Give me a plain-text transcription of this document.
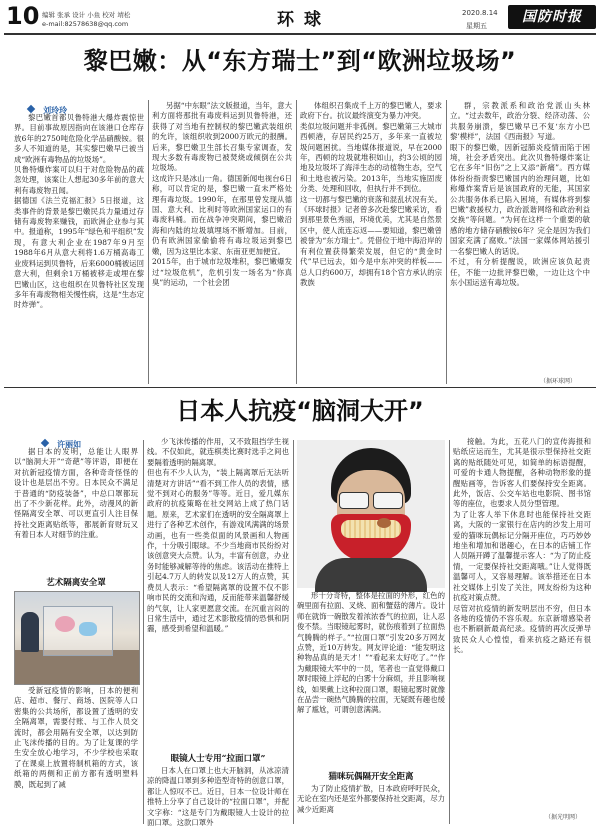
10 编辑 张承 设计 小鱼 校对 靖松
e-mail:82578638@qq.com	环 球	2020.8.14
星期五
国防时报
黎巴嫩：从“东方瑞士”到“欧洲垃圾场”
刘玲玲

黎巴嫩首都贝鲁特港大爆炸震惊世界。目前事故原因指向在该港口仓库存放6年的2750吨危险化学品硝酸铵。很多人不知道的是，其实黎巴嫩早已被当成“欧洲有毒物品的垃圾场”。
贝鲁特爆炸案可以归于对危险物品的疏忽处理，该案让人想起30多年前的意大利有毒废物丑闻。
据德国《法兰克福汇报》5日报道，这类事件的背景是黎巴嫩民兵力量通过存储有毒废物来赚钱，而欧洲企业参与其中。报道称，1995年“绿色和平组织”发现，有意大利企业在1987年9月至1988年6月从意大利将1.6万桶高毒工业废料运到贝鲁特，后来6000桶被运回意大利，但剩余1万桶被移走或埋在黎巴嫩山区，这也组织在贝鲁特社区发现多年有毒废物相关慢性病，这是“生态定时炸弹”。

另据“中东眼”法文版报道，当年，意大利方面将那批有毒废料运到贝鲁特港，还获得了对当地有控制权的黎巴嫩武装组织的允许，该组织收到2000万欧元的报酬。后来，黎巴嫩卫生部长召集专家调查，发现大多数有毒废物已被焚烧或倾倒在公共垃圾场。
这成许只是冰山一角。德国新闻电视台6日称，可以肯定的是，黎巴嫩一直未严格处理有毒垃圾。1990年，在那里曾发现从德国、意大利、比利时等欧洲国家运口的有毒废料桶。而在战争冲突期间，黎巴嫩沿海和内陆的垃圾填埋场不断增加。目前，仍有欧洲国家偷偷将有毒垃圾运到黎巴嫩，因为这里比本家、东南亚更加便宜。
2015年，由于城市垃圾堆积，黎巴嫩爆发过“垃圾危机”，危机引发一场名为“你真臭”的运动，一个社会团

体组织召集成千上万的黎巴嫩人，要求政府下台。抗议最终演变为暴力冲突。
类似垃圾问题并非孤例。黎巴嫩第三大城市西顿港，存居民约25万，多年来一直被垃圾问题困扰。当地媒体报道说，早在2000年，西顿的垃圾就堆积如山，约3公顷的园地及垃圾坏了海洋生态的动植物生态，空气和土地也被污染。2013年，当地实施固废分类、处理和回收，但执行并不到位。
这一切都与黎巴嫩的衰落和混乱状况有关。《环球时报》记者曾多次赴黎巴嫩采访，看到那里景色秀丽，环境优美，尤其是自然景区中，使人流连忘返——要知道，黎巴嫩曾被誉为“东方瑞士”。凭借位于地中海沿岸的有利位置获得繁荣发展，但它的“黄金时代”早已远去，如今是中东冲突的样板——总人口约600万，却拥有18个官方承认的宗教族

群，宗教派系和政治党派山头林立。“过去数年，政治分裂、经济动荡、公共服务崩溃，黎巴嫩早已不复‘东方小巴黎’模样”，法国《西南报》写道。
眼下的黎巴嫩，因新冠肺炎疫情而陷于困境，社会矛盾突出。此次贝鲁特爆炸案让它在多年“旧伤”之上又添“新痛”。西方媒体纷纷指责黎巴嫩国内的治理问题，比如称爆炸案背后是该国政府的无能，其国家公共服务体系已陷入困境，有媒体将到黎巴嫩”救援权力，政治派谐网络和政治利益交换“等问题。“为何在这样一个重要的敏感的地方储存硝酸铵6年？完全是因为我们国家充满了腐败。”法国一家媒体网站援引一名黎巴嫩人的话说。
不过，有分析提醒说，欧洲应该负起责任，不能一边批评黎巴嫩，一边让这个中东小国运送有毒垃圾。

（据环球网）
日本人抗疫“脑洞大开”
许丽如

据日本的发明，总能让人眼界以“脑洞大开”“奇葩”等评语，即便在对抗新冠疫情方面，各种奇奇怪怪的设计也是层出不穷。日本民众不满足于普通的“防疫装备”，中总口罩都玩出了不少新花样。此外，动漫风的新怪隔离安全罩、可以更直引人注目保持社交距离贴纸等，都展新育财玩又有着日本人对细节的注重。

艺术隔离安全罩

受新冠疫情的影响，日本的便利店、超市、餐厅、商场、医院等人口密集的公共场所，都设置了透明的安全隔离罩，需要付账、与工作人员交流时，都会用隔有安全罩，以达到防止飞沫传播的目的。为了让复课的学生安全放心地学习，不少学校也采取了在课桌上放置将制机箱的方式，该纸箱的两侧和正前方都有透明塑料膜，既起到了减

少飞沫传播的作用，又不致阻挡学生视线。不仅如此，就连棋类比赛时选手之间也要隔着透明的隔离罩。
但也有不少人认为，“装上隔离罩后无法听清楚对方讲话”“看不到工作人员的表情，感觉不到对心的服务”等等。近日，爱几媒东政府的抗疫策略在社交网站上成了热门话题。原来，艺术家们在透明的安全隔离罩上进行了各种艺术创作，有游戏风满满的场景动画，也有一些类似面的风景画和人物画作，十分吸引眼球。不少当地商市民纷纷对该创意突大点赞。认为，丰富有创意，办业务时能够减解等待的焦虑。该活动在推特上引起4.7万人的转发以及12万人的点赞，其费员人表示：“希望隔离罩的设置不仅不影响市民的交流和沟通，反而能带来温馨舒缓的气氛，让人家更愿意交流。在沉重言闷的日常生活中，通过艺术影散疫情的恐惧和阴霾，感受到希望和温暖。”

眼镜人士专用“拉面口罩”

日本人在口罩上也大开脑洞，从冰凉清凉的降温口罩到多种造型奇特的创意口罩，都让人惊叹不已。近日，日本一位设计师在推特上分享了自己设计的“拉面口罩”，并配文字称：“这是专门为戴眼镜人士设计的拉面口罩。这款口罩外

形十分奇特，整体是拉面的外形，红色的碗里面有拉面、叉烧、面和蟹菇的薄片。设计师在就饰一碗散发着浓浓香气的拉面，让人忍俊不禁。当眼镜起雾时，就伤痕着到了拉面热气腾腾的样子。”“拉面口罩”引发20多万网友点赞，近10万转发。网友评论道：“能发明这种物品真的是天才！”“看起来太好吃了。”“作为戴眼镜大军中的一员，笔者也一直觉得戴口罩时眼镜上浮起的白雾十分麻烦，并且影响视线，如果戴上这种拉面口罩，眼镜起雾时就像在品尝一碗热气腾腾的拉面，无疑既有趣也缓解了尴尬，可谓创意满满。

猫咪玩偶隔开安全距离

为了防止疫情扩散，日本政府呼吁民众，无论在室内还是室外都要保持社交距离，尽力减少近距离

接触。为此，五花八门的宣传海报和贴纸应运而生，尤其是很示型保持社交距离的贴纸随处可见，如简单的标语提醒，可爱的卡通人物提醒，各种动物形象的提醒贴画等，告诉客人们要保持安全距离。此外，饭店、公交车站也电影院、图书馆等的座位，也要求人员分型管理。
为了让客人举下休息时也能保持社交距离，大阪的一家银行在店内的沙发上用可爱的猫咪玩偶标记分隔开座位，巧巧妙妙地坐和增加和谐趣心，在日本的店铺工作人员隔开蹲了温馨提示客人：“为了防止疫情，一定要保持社交距离哦。”让人觉得既温馨可人，又容易理解。该举措还在日本社交媒体上引发了关注，网友纷纷为这种抗疫对策点赞。
尽管对抗疫情的新发明层出不穷，但日本各地的疫情仍不容乐观。东京新增感染者也不断刷新最高纪录。疫情的再次反弹导致民众人心惶惶，看来抗疫之路还有很长。

（据光明网）
